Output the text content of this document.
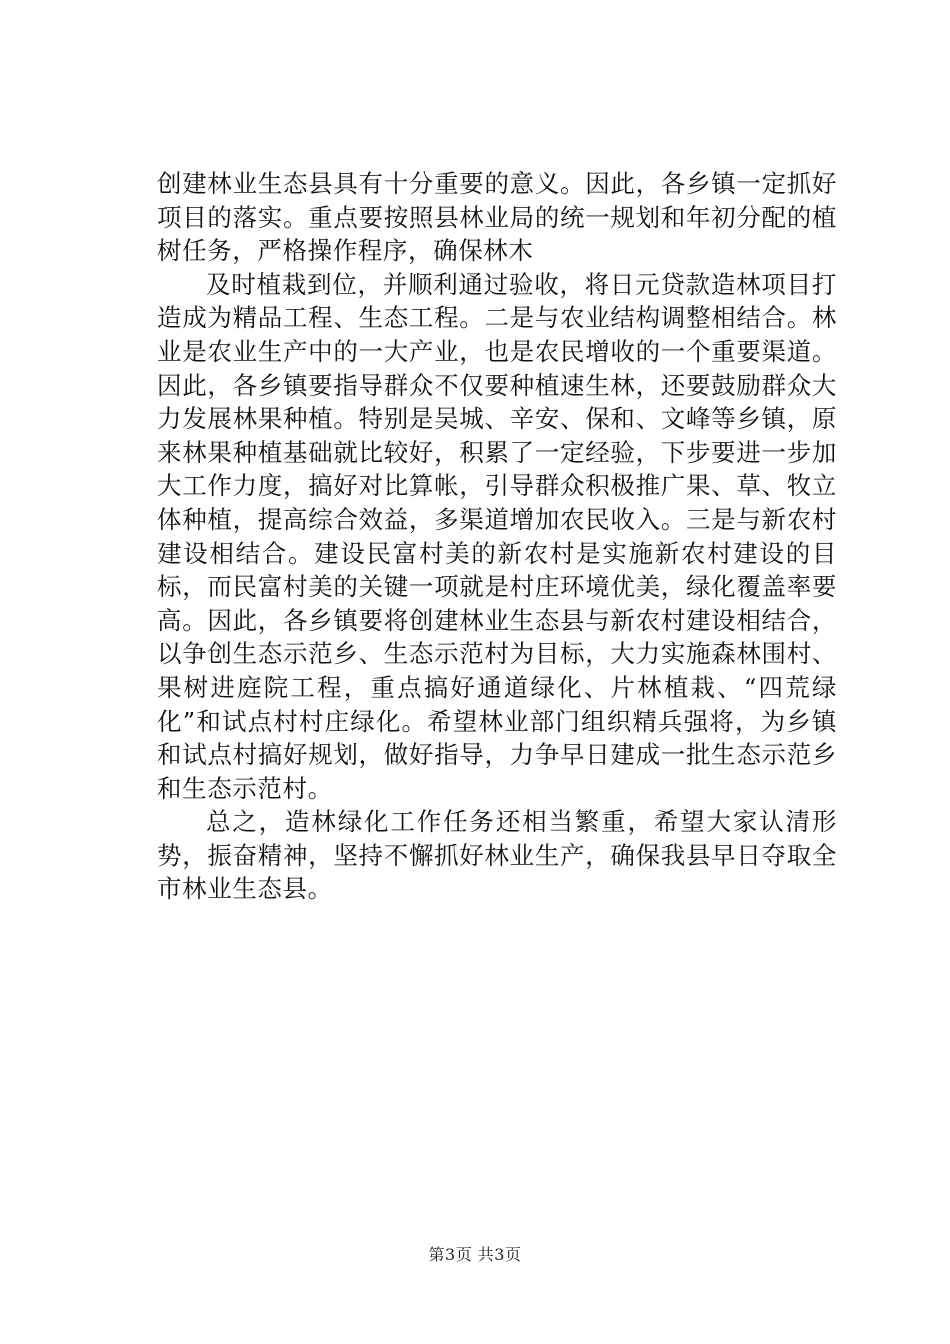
创建林业生态县具有十分重要的意义。因此，各乡镇一定抓好项目的落实。重点要按照县林业局的统一规划和年初分配的植树任务，严格操作程序，确保林木

及时植栽到位，并顺利通过验收，将日元贷款造林项目打造成为精品工程、生态工程。二是与农业结构调整相结合。林业是农业生产中的一大产业，也是农民增收的一个重要渠道。因此，各乡镇要指导群众不仅要种植速生林，还要鼓励群众大力发展林果种植。特别是吴城、辛安、保和、文峰等乡镇，原来林果种植基础就比较好，积累了一定经验，下步要进一步加大工作力度，搞好对比算帐，引导群众积极推广果、草、牧立体种植，提高综合效益，多渠道增加农民收入。三是与新农村建设相结合。建设民富村美的新农村是实施新农村建设的目标，而民富村美的关键一项就是村庄环境优美，绿化覆盖率要高。因此，各乡镇要将创建林业生态县与新农村建设相结合，以争创生态示范乡、生态示范村为目标，大力实施森林围村、果树进庭院工程，重点搞好通道绿化、片林植栽、“四荒绿化”和试点村村庄绿化。希望林业部门组织精兵强将，为乡镇和试点村搞好规划，做好指导，力争早日建成一批生态示范乡和生态示范村。

总之，造林绿化工作任务还相当繁重，希望大家认清形势，振奋精神，坚持不懈抓好林业生产，确保我县早日夺取全市林业生态县。

第3页 共3页
